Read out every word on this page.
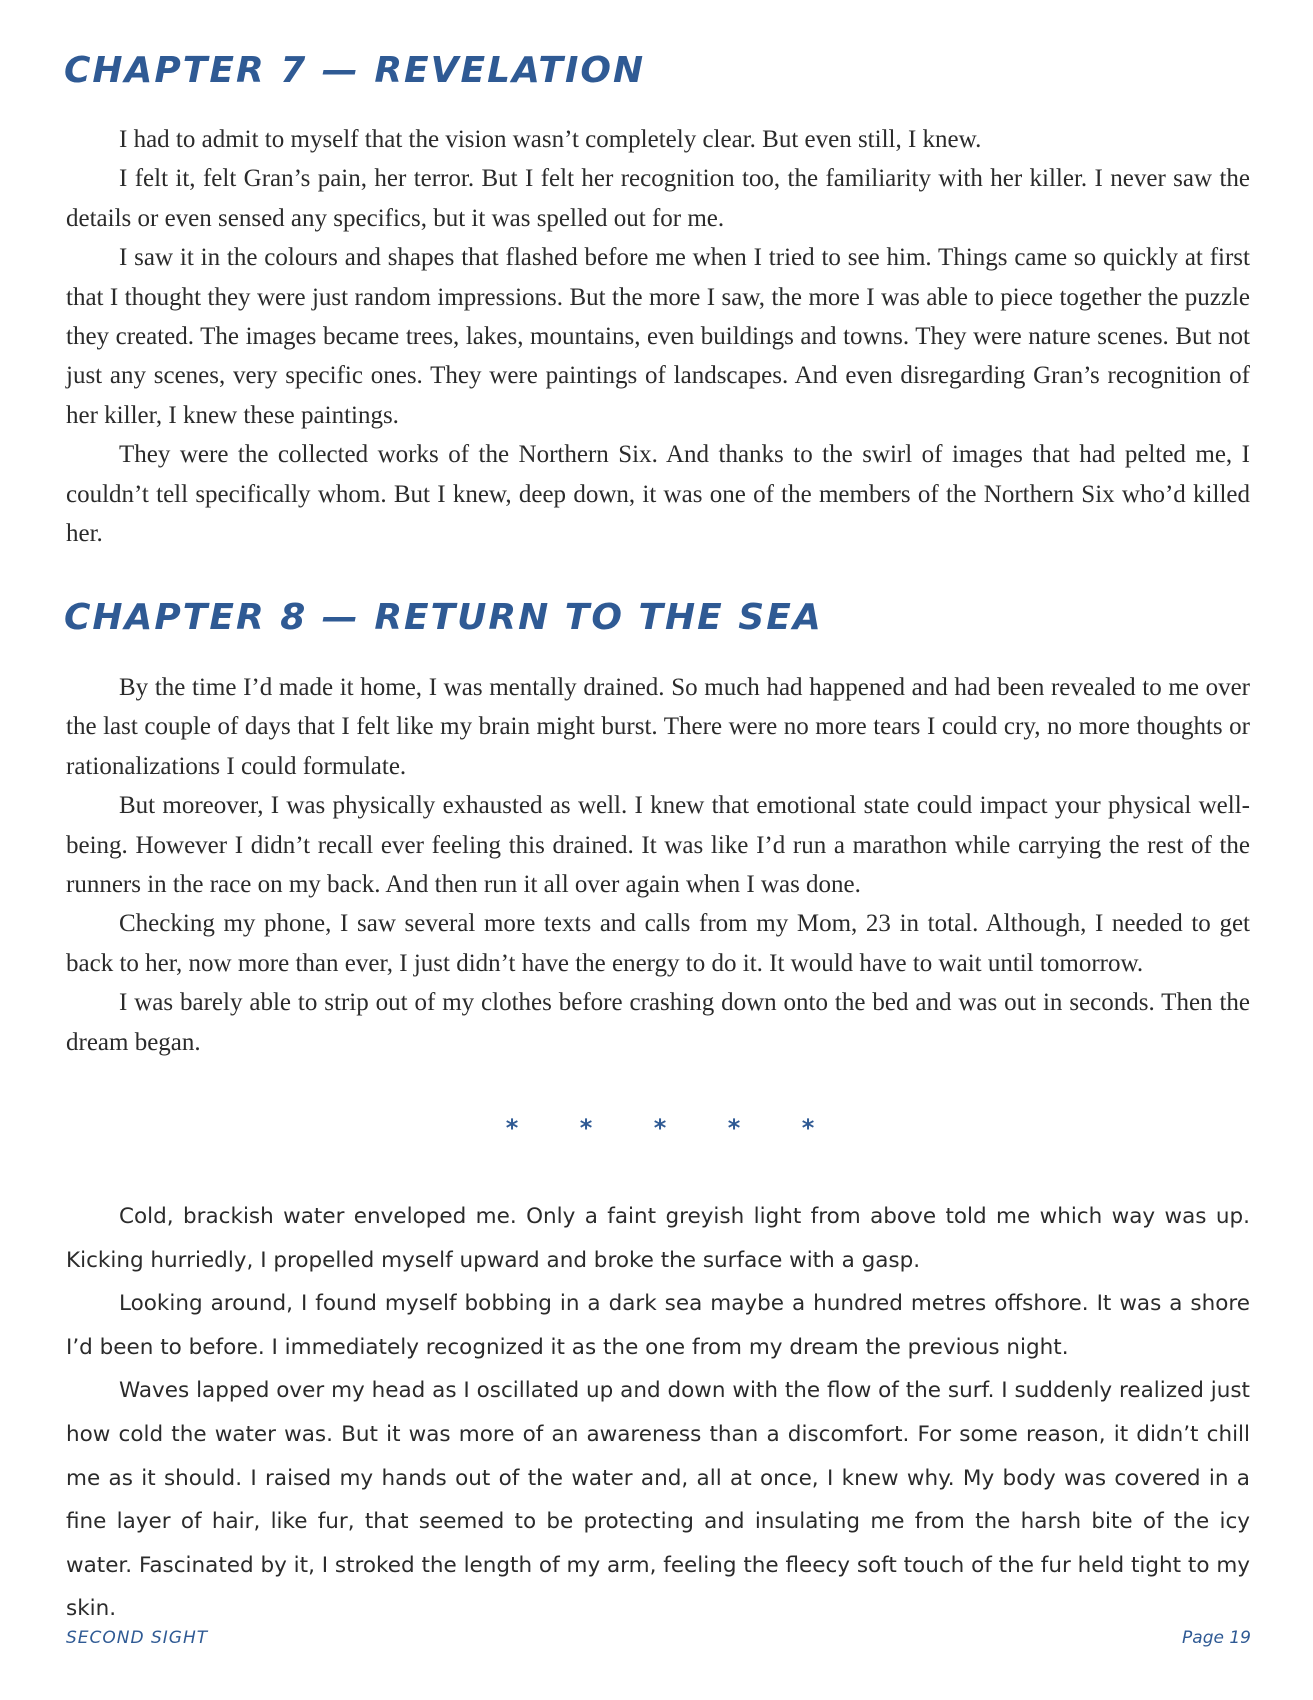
CHAPTER 7 — REVELATION

I had to admit to myself that the vision wasn’t completely clear. But even still, I knew.

I felt it, felt Gran’s pain, her terror. But I felt her recognition too, the familiarity with her killer. I never saw the details or even sensed any specifics, but it was spelled out for me.

I saw it in the colours and shapes that flashed before me when I tried to see him. Things came so quickly at first that I thought they were just random impressions. But the more I saw, the more I was able to piece together the puzzle they created. The images became trees, lakes, mountains, even buildings and towns. They were nature scenes. But not just any scenes, very specific ones. They were paintings of landscapes. And even disregarding Gran’s recognition of her killer, I knew these paintings.

They were the collected works of the Northern Six. And thanks to the swirl of images that had pelted me, I couldn’t tell specifically whom. But I knew, deep down, it was one of the members of the Northern Six who’d killed her.

CHAPTER 8 — RETURN TO THE SEA

By the time I’d made it home, I was mentally drained. So much had happened and had been revealed to me over the last couple of days that I felt like my brain might burst. There were no more tears I could cry, no more thoughts or rationalizations I could formulate.

But moreover, I was physically exhausted as well. I knew that emotional state could impact your physical well-being. However I didn’t recall ever feeling this drained. It was like I’d run a marathon while carrying the rest of the runners in the race on my back. And then run it all over again when I was done.

Checking my phone, I saw several more texts and calls from my Mom, 23 in total. Although, I needed to get back to her, now more than ever, I just didn’t have the energy to do it. It would have to wait until tomorrow.

I was barely able to strip out of my clothes before crashing down onto the bed and was out in seconds. Then the dream began.

*	*	*	*	*

Cold, brackish water enveloped me. Only a faint greyish light from above told me which way was up. Kicking hurriedly, I propelled myself upward and broke the surface with a gasp.

Looking around, I found myself bobbing in a dark sea maybe a hundred metres offshore. It was a shore I’d been to before. I immediately recognized it as the one from my dream the previous night.

Waves lapped over my head as I oscillated up and down with the flow of the surf. I suddenly realized just how cold the water was. But it was more of an awareness than a discomfort. For some reason, it didn’t chill me as it should. I raised my hands out of the water and, all at once, I knew why. My body was covered in a fine layer of hair, like fur, that seemed to be protecting and insulating me from the harsh bite of the icy water. Fascinated by it, I stroked the length of my arm, feeling the fleecy soft touch of the fur held tight to my skin.

SECOND SIGHT	Page 19
